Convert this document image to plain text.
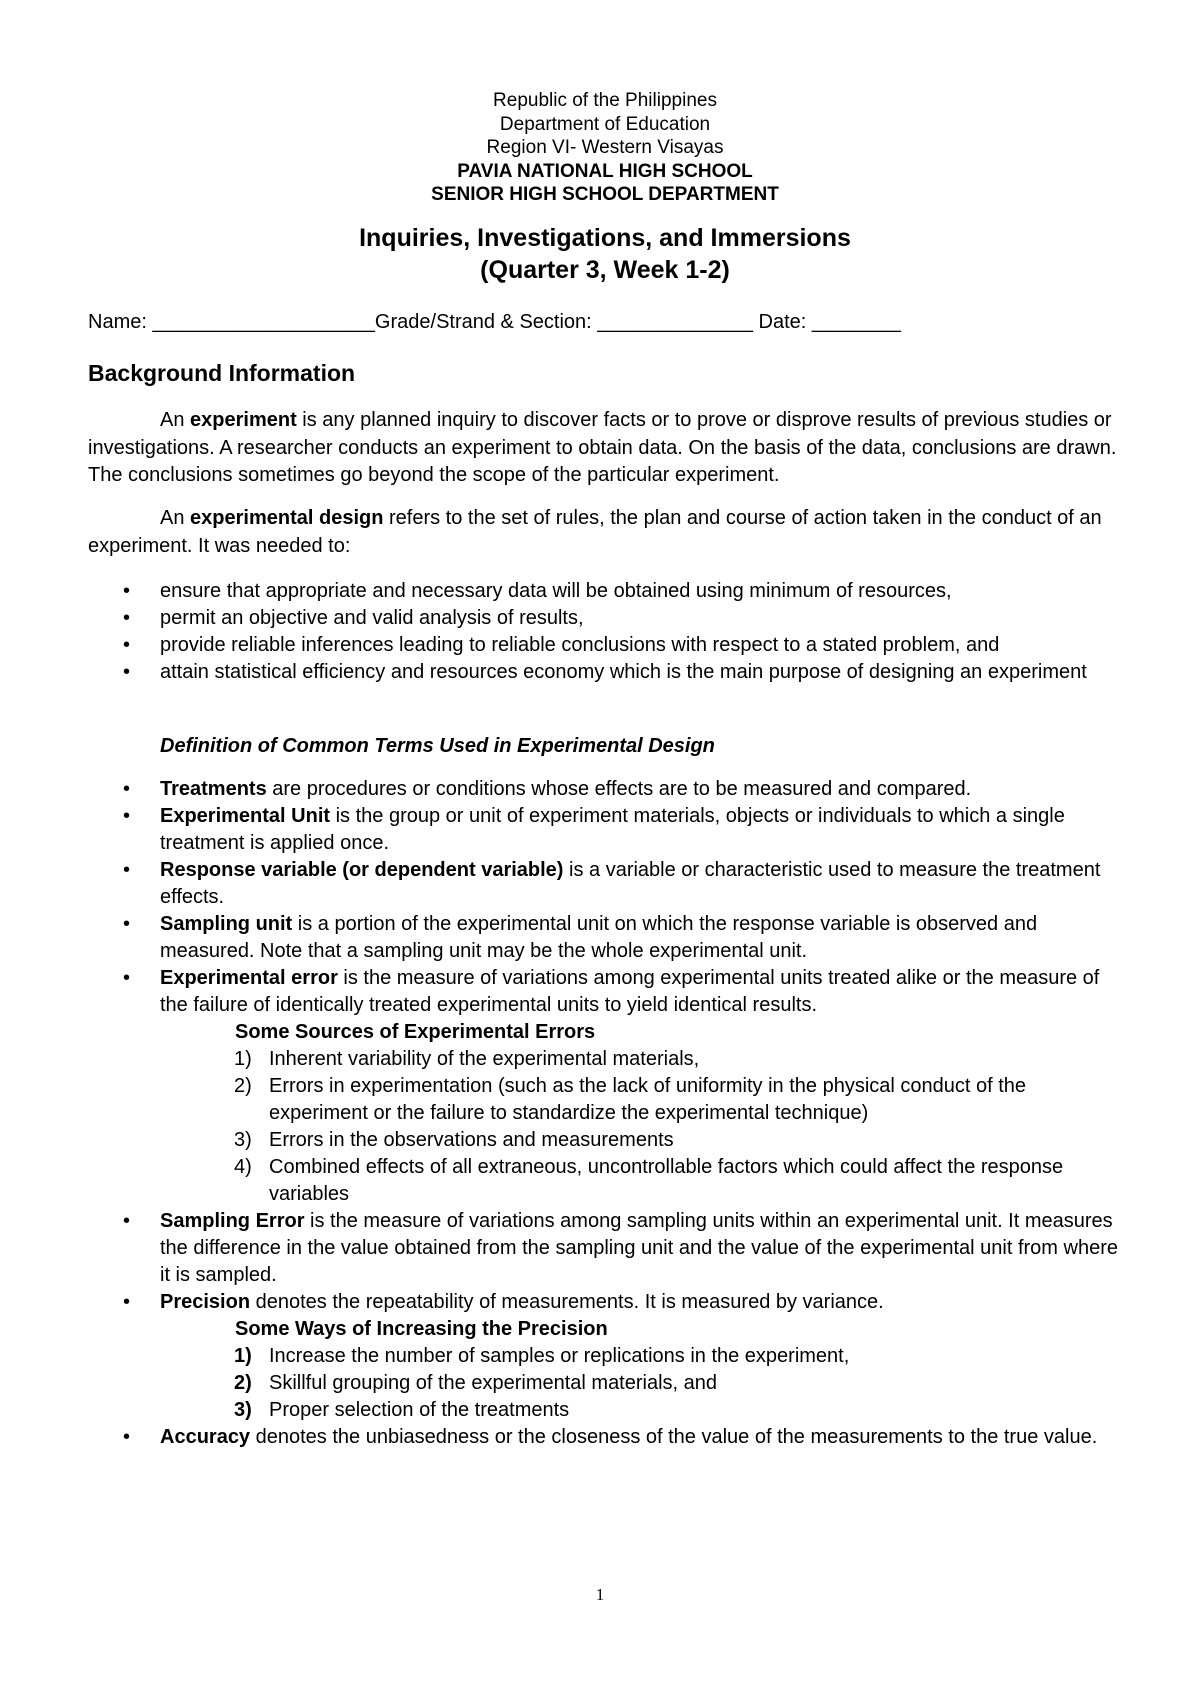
Republic of the Philippines
Department of Education
Region VI- Western Visayas
PAVIA NATIONAL HIGH SCHOOL
SENIOR HIGH SCHOOL DEPARTMENT
Inquiries, Investigations, and Immersions
(Quarter 3, Week 1-2)
Name: ____________________Grade/Strand & Section: ______________ Date: ________
Background Information
An experiment is any planned inquiry to discover facts or to prove or disprove results of previous studies or investigations. A researcher conducts an experiment to obtain data. On the basis of the data, conclusions are drawn. The conclusions sometimes go beyond the scope of the particular experiment.
An experimental design refers to the set of rules, the plan and course of action taken in the conduct of an experiment. It was needed to:
• ensure that appropriate and necessary data will be obtained using minimum of resources,
• permit an objective and valid analysis of results,
• provide reliable inferences leading to reliable conclusions with respect to a stated problem, and
• attain statistical efficiency and resources economy which is the main purpose of designing an experiment
Definition of Common Terms Used in Experimental Design
• Treatments are procedures or conditions whose effects are to be measured and compared.
• Experimental Unit is the group or unit of experiment materials, objects or individuals to which a single treatment is applied once.
• Response variable (or dependent variable) is a variable or characteristic used to measure the treatment effects.
• Sampling unit is a portion of the experimental unit on which the response variable is observed and measured. Note that a sampling unit may be the whole experimental unit.
• Experimental error is the measure of variations among experimental units treated alike or the measure of the failure of identically treated experimental units to yield identical results.
Some Sources of Experimental Errors
1) Inherent variability of the experimental materials,
2) Errors in experimentation (such as the lack of uniformity in the physical conduct of the experiment or the failure to standardize the experimental technique)
3) Errors in the observations and measurements
4) Combined effects of all extraneous, uncontrollable factors which could affect the response variables
• Sampling Error is the measure of variations among sampling units within an experimental unit. It measures the difference in the value obtained from the sampling unit and the value of the experimental unit from where it is sampled.
• Precision denotes the repeatability of measurements. It is measured by variance.
Some Ways of Increasing the Precision
1) Increase the number of samples or replications in the experiment,
2) Skillful grouping of the experimental materials, and
3) Proper selection of the treatments
• Accuracy denotes the unbiasedness or the closeness of the value of the measurements to the true value.
1
